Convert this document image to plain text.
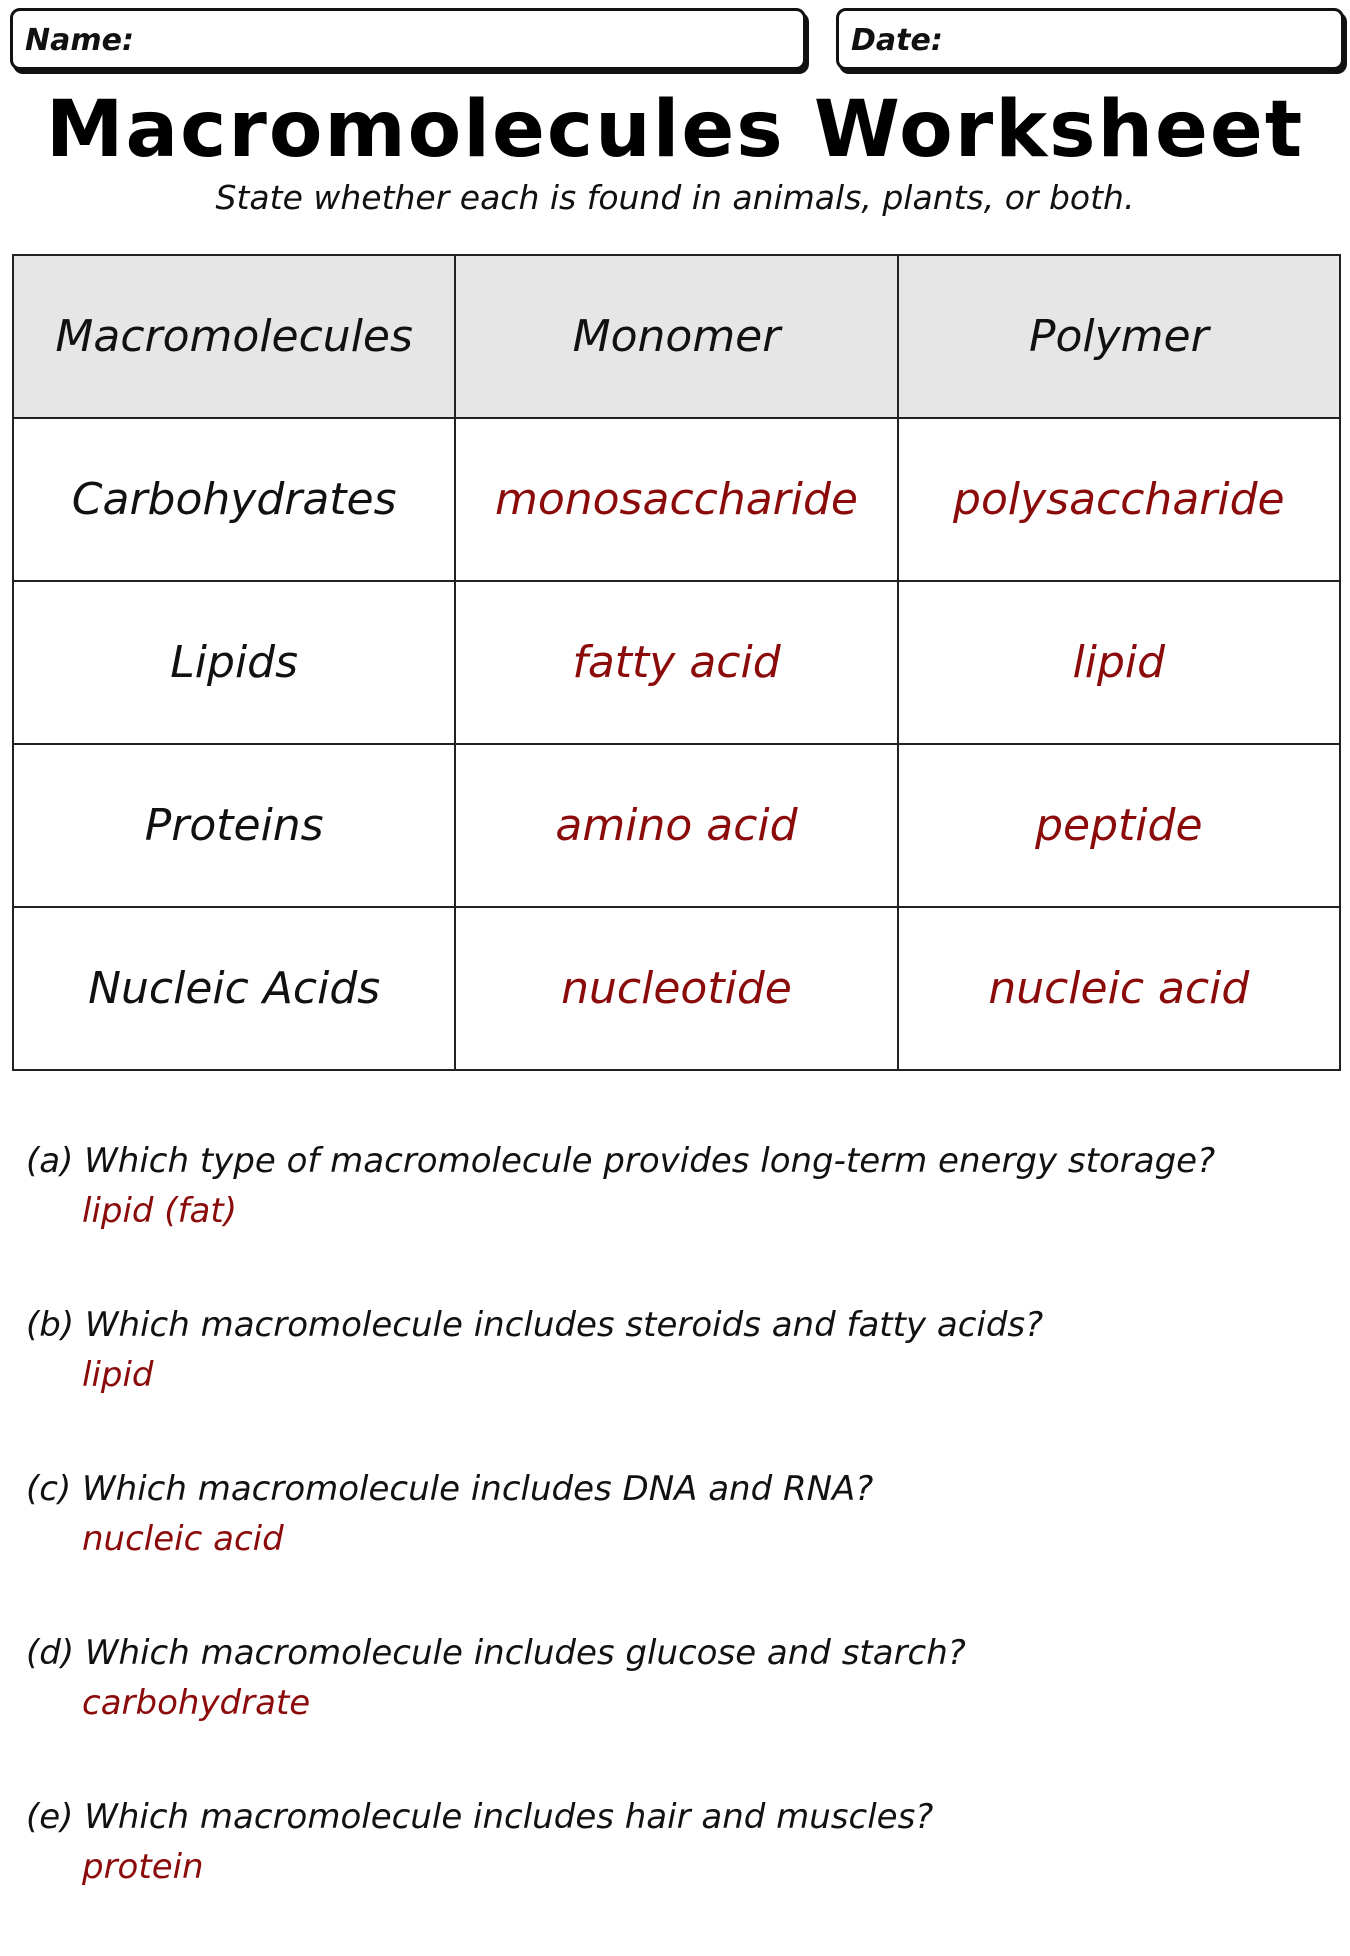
Name:	Date:
Macromolecules Worksheet
State whether each is found in animals, plants, or both.
Macromolecules	Monomer	Polymer
Carbohydrates	monosaccharide	polysaccharide
Lipids	fatty acid	lipid
Proteins	amino acid	peptide
Nucleic Acids	nucleotide	nucleic acid
(a) Which type of macromolecule provides long-term energy storage?
lipid (fat)
(b) Which macromolecule includes steroids and fatty acids?
lipid
(c) Which macromolecule includes DNA and RNA?
nucleic acid
(d) Which macromolecule includes glucose and starch?
carbohydrate
(e) Which macromolecule includes hair and muscles?
protein
